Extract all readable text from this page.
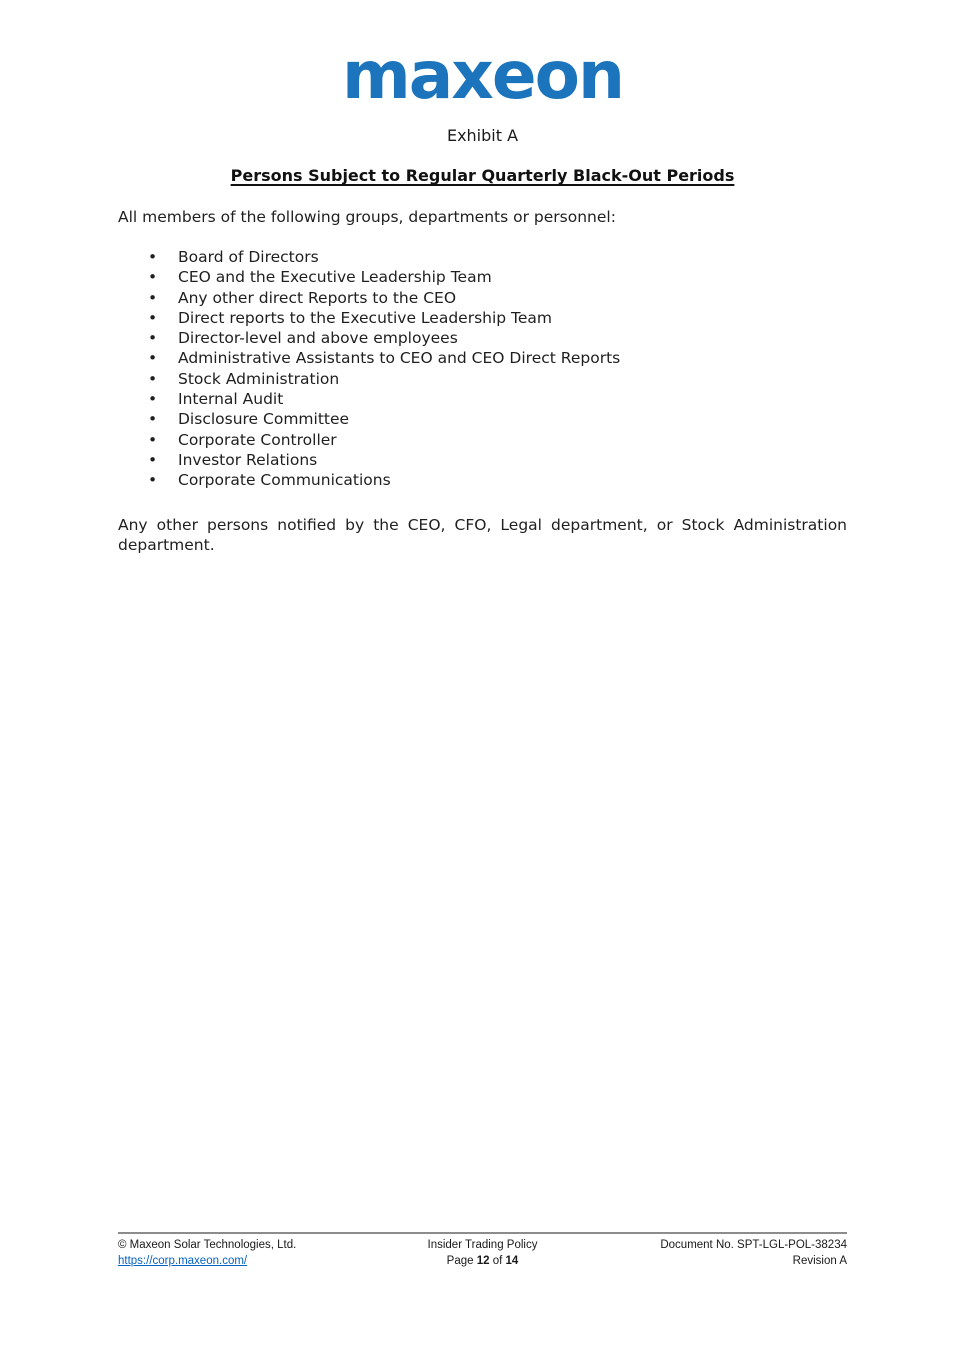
maxeon
Exhibit A
Persons Subject to Regular Quarterly Black-Out Periods

All members of the following groups, departments or personnel:

• Board of Directors
• CEO and the Executive Leadership Team
• Any other direct Reports to the CEO
• Direct reports to the Executive Leadership Team
• Director-level and above employees
• Administrative Assistants to CEO and CEO Direct Reports
• Stock Administration
• Internal Audit
• Disclosure Committee
• Corporate Controller
• Investor Relations
• Corporate Communications

Any other persons notified by the CEO, CFO, Legal department, or Stock Administration department.

© Maxeon Solar Technologies, Ltd.
https://corp.maxeon.com/
Insider Trading Policy
Page 12 of 14
Document No. SPT-LGL-POL-38234
Revision A
